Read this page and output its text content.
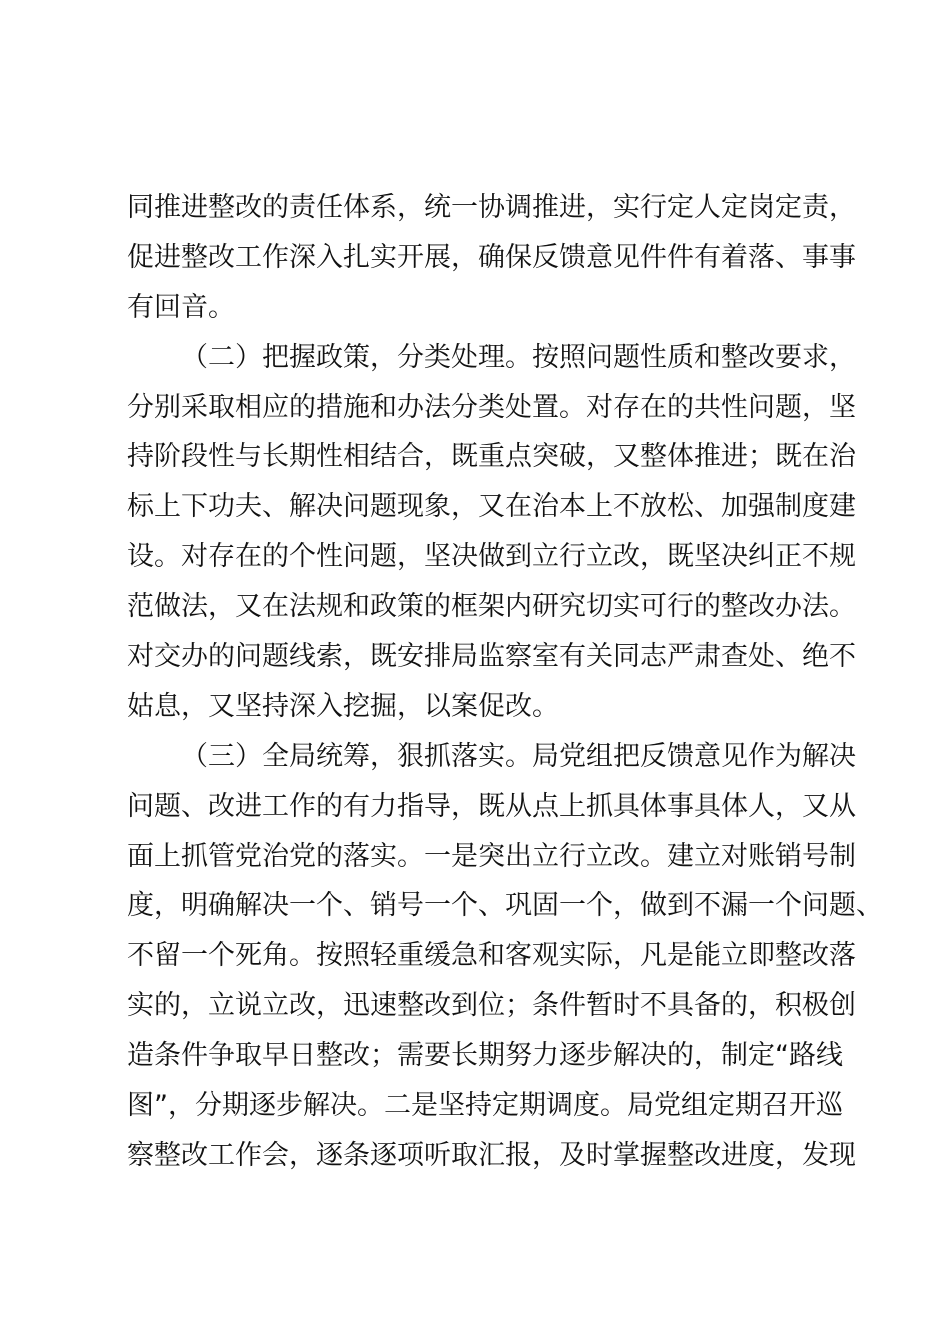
同推进整改的责任体系，统一协调推进，实行定人定岗定责，
促进整改工作深入扎实开展，确保反馈意见件件有着落、事事
有回音。
（二）把握政策，分类处理。按照问题性质和整改要求，
分别采取相应的措施和办法分类处置。对存在的共性问题，坚
持阶段性与长期性相结合，既重点突破，又整体推进；既在治
标上下功夫、解决问题现象，又在治本上不放松、加强制度建
设。对存在的个性问题，坚决做到立行立改，既坚决纠正不规
范做法，又在法规和政策的框架内研究切实可行的整改办法。
对交办的问题线索，既安排局监察室有关同志严肃查处、绝不
姑息，又坚持深入挖掘，以案促改。
（三）全局统筹，狠抓落实。局党组把反馈意见作为解决
问题、改进工作的有力指导，既从点上抓具体事具体人，又从
面上抓管党治党的落实。一是突出立行立改。建立对账销号制
度，明确解决一个、销号一个、巩固一个，做到不漏一个问题、
不留一个死角。按照轻重缓急和客观实际，凡是能立即整改落
实的，立说立改，迅速整改到位；条件暂时不具备的，积极创
造条件争取早日整改；需要长期努力逐步解决的，制定“路线
图”，分期逐步解决。二是坚持定期调度。局党组定期召开巡
察整改工作会，逐条逐项听取汇报，及时掌握整改进度，发现
